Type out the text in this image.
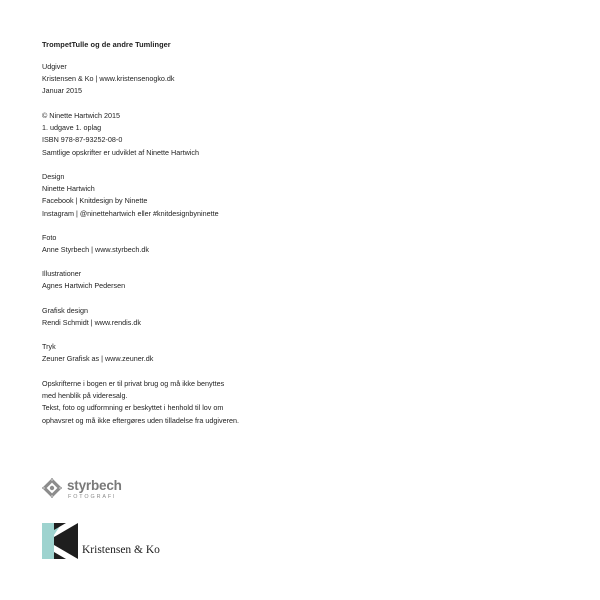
TrompetTulle og de andre Tumlinger
Udgiver
Kristensen & Ko | www.kristensenogko.dk
Januar 2015
© Ninette Hartwich 2015
1. udgave 1. oplag
ISBN 978-87-93252-08-0
Samtlige opskrifter er udviklet af Ninette Hartwich
Design
Ninette Hartwich
Facebook | Knitdesign by Ninette
Instagram | @ninettehartwich eller #knitdesignbyninette
Foto
Anne Styrbech | www.styrbech.dk
Illustrationer
Agnes Hartwich Pedersen
Grafisk design
Rendi Schmidt | www.rendis.dk
Tryk
Zeuner Grafisk as | www.zeuner.dk
Opskrifterne i bogen er til privat brug og må ikke benyttes
med henblik på videresalg.
Tekst, foto og udformning er beskyttet i henhold til lov om
ophavsret og må ikke eftergøres uden tilladelse fra udgiveren.
styrbech
FOTOGRAFI
Kristensen & Ko
